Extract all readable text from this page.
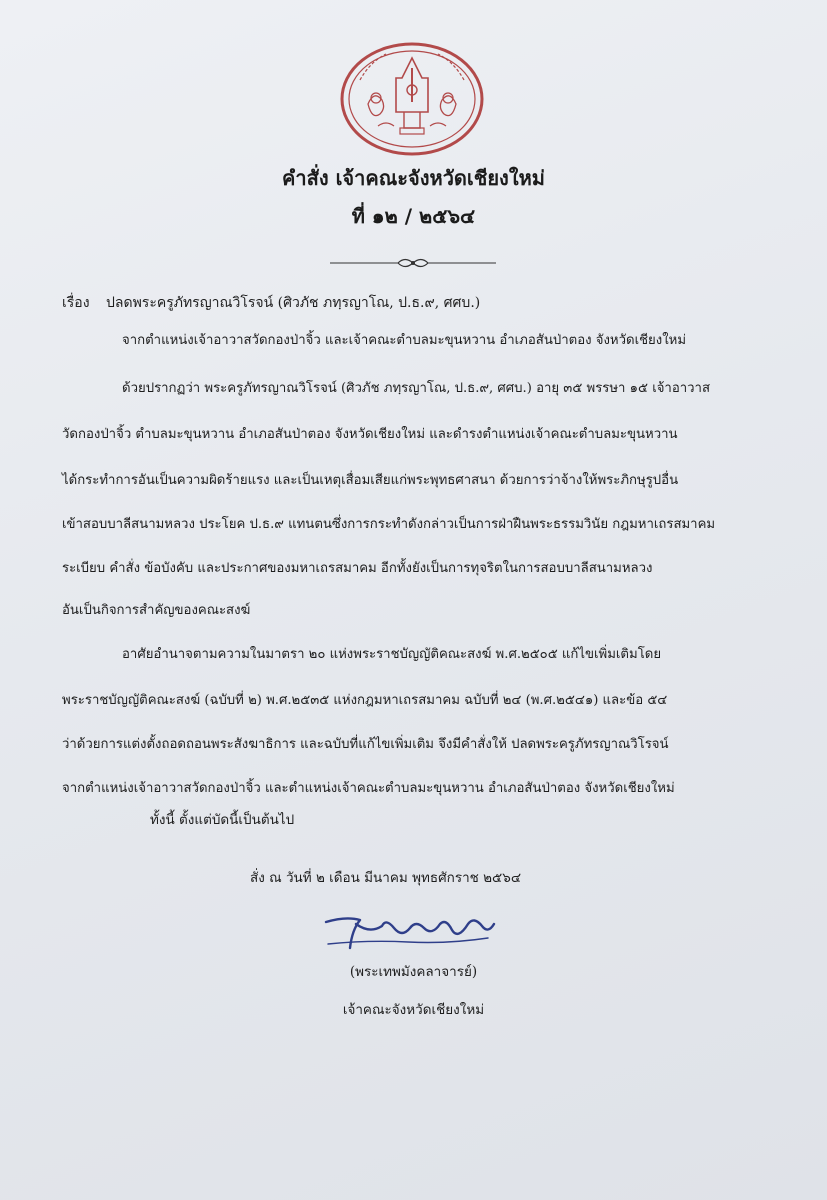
คำสั่ง เจ้าคณะจังหวัดเชียงใหม่
ที่ ๑๒ / ๒๕๖๔
เรื่อง ปลดพระครูภัทรญาณวิโรจน์ (ศิวภัช ภทฺรญาโณ, ป.ธ.๙, ศศบ.)
จากตำแหน่งเจ้าอาวาสวัดกองป่าจิ้ว และเจ้าคณะตำบลมะขุนหวาน อำเภอสันป่าตอง จังหวัดเชียงใหม่
ด้วยปรากฏว่า พระครูภัทรญาณวิโรจน์ (ศิวภัช ภทฺรญาโณ, ป.ธ.๙, ศศบ.) อายุ ๓๕ พรรษา ๑๕ เจ้าอาวาส
วัดกองป่าจิ้ว ตำบลมะขุนหวาน อำเภอสันป่าตอง จังหวัดเชียงใหม่ และดำรงตำแหน่งเจ้าคณะตำบลมะขุนหวาน
ได้กระทำการอันเป็นความผิดร้ายแรง และเป็นเหตุเสื่อมเสียแก่พระพุทธศาสนา ด้วยการว่าจ้างให้พระภิกษุรูปอื่น
เข้าสอบบาลีสนามหลวง ประโยค ป.ธ.๙ แทนตนซึ่งการกระทำดังกล่าวเป็นการฝ่าฝืนพระธรรมวินัย กฎมหาเถรสมาคม
ระเบียบ คำสั่ง ข้อบังคับ และประกาศของมหาเถรสมาคม อีกทั้งยังเป็นการทุจริตในการสอบบาลีสนามหลวง
อันเป็นกิจการสำคัญของคณะสงฆ์
อาศัยอำนาจตามความในมาตรา ๒๐ แห่งพระราชบัญญัติคณะสงฆ์ พ.ศ.๒๕๐๕ แก้ไขเพิ่มเติมโดย
พระราชบัญญัติคณะสงฆ์ (ฉบับที่ ๒) พ.ศ.๒๕๓๕ แห่งกฎมหาเถรสมาคม ฉบับที่ ๒๔ (พ.ศ.๒๕๔๑) และข้อ ๕๔
ว่าด้วยการแต่งตั้งถอดถอนพระสังฆาธิการ และฉบับที่แก้ไขเพิ่มเติม จึงมีคำสั่งให้ ปลดพระครูภัทรญาณวิโรจน์
จากตำแหน่งเจ้าอาวาสวัดกองป่าจิ้ว และตำแหน่งเจ้าคณะตำบลมะขุนหวาน อำเภอสันป่าตอง จังหวัดเชียงใหม่
ทั้งนี้ ตั้งแต่บัดนี้เป็นต้นไป
สั่ง ณ วันที่ ๒ เดือน มีนาคม พุทธศักราช ๒๕๖๔
(พระเทพมังคลาจารย์)
เจ้าคณะจังหวัดเชียงใหม่
